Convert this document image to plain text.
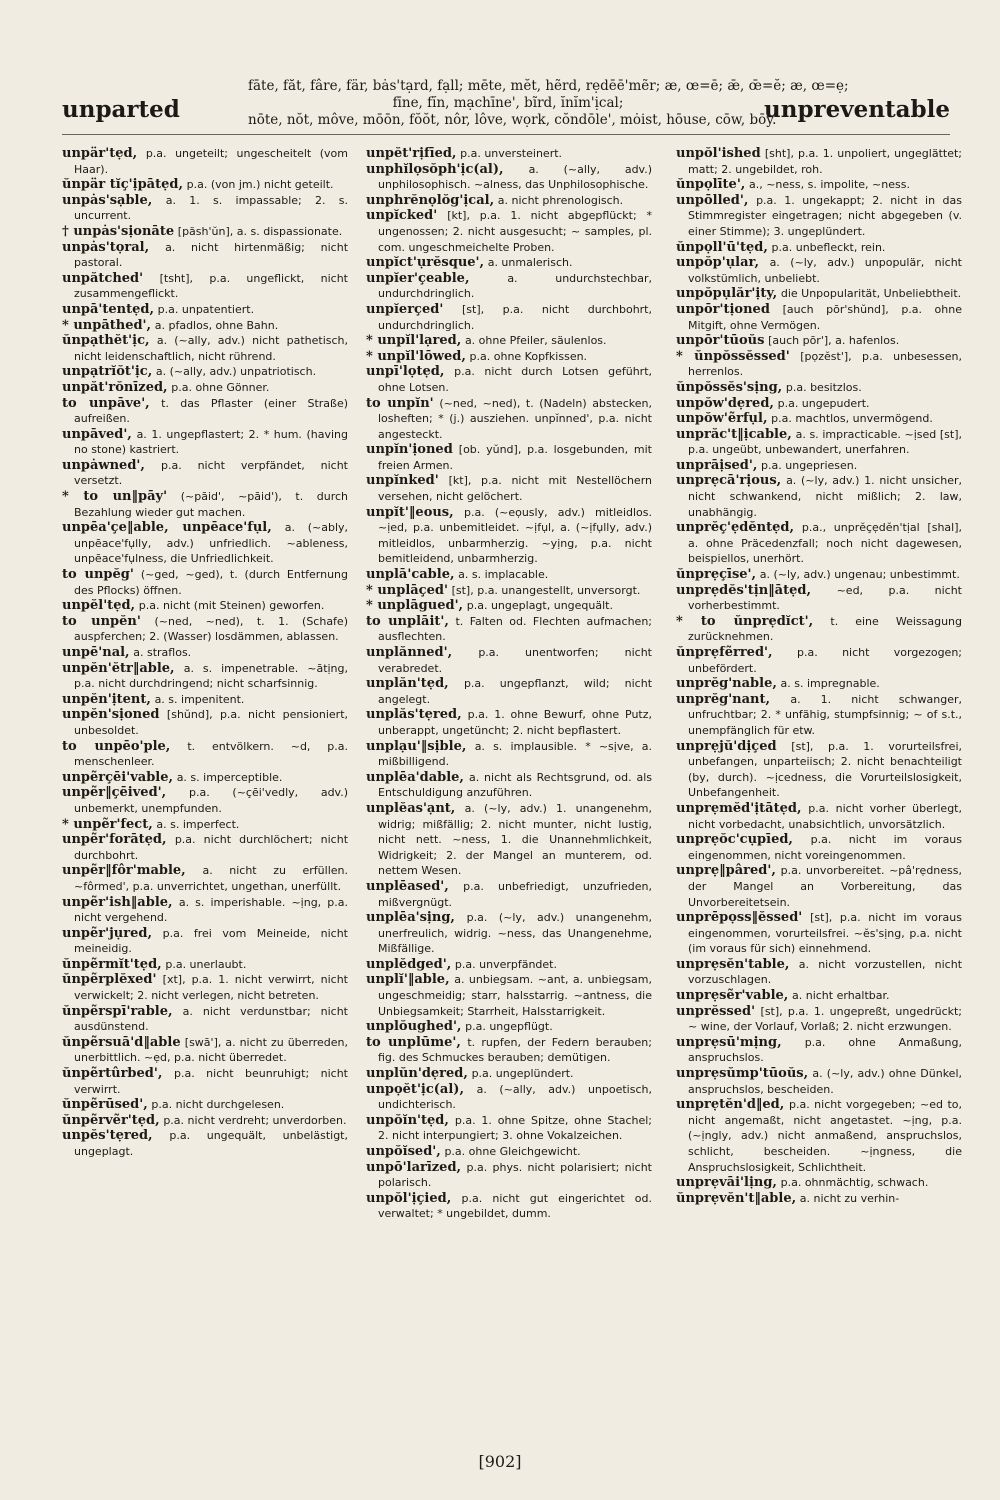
unparted	unpreventable
fāte, făt, fâre, fär, bȧs'tạrd, fạll; mēte, mĕt, hẽrd, rẹdēē'mẽr; æ, œ=ē; ǣ, œ̄=ĕ; æ, œ=ẹ;
fīne, fĭn, mạchīne', bĩrd, ĭnĭm'ịcal;
nōte, nŏt, môve, mōōn, fŏŏt, nôr, lôve, wọrk, cŏndōle', mȯist, hōuse, cōw, bōy.

unpär'tẹd, p.a. ungeteilt; ungescheitelt (vom Haar).

ŭnpär tĭç'ịpātẹd, p.a. (von jm.) nicht geteilt.

unpȧs'sạble, a. 1. s. impassable; 2. s. uncurrent.

† unpȧs'sịonāte [păsh'ŭn], a. s. dispassionate.

unpȧs'tọral, a. nicht hirtenmäßig; nicht pastoral.

unpătched' [tsht], p.a. ungeflickt, nicht zusammengeflickt.

unpā'tentẹd, p.a. unpatentiert.

* unpāthed', a. pfadlos, ohne Bahn.

ŭnpạthĕt'ịc, a. (~ally, adv.) nicht pathetisch, nicht leidenschaftlich, nicht rührend.

unpạtrĭŏt'ịc, a. (~ally, adv.) unpatriotisch.

unpăt'rŏnīzed, p.a. ohne Gönner.

to unpāve', t. das Pflaster (einer Straße) aufreißen.

unpāved', a. 1. ungepflastert; 2. * hum. (having no stone) kastriert.

unpȧwned', p.a. nicht verpfändet, nicht versetzt.

* to un‖pāy' (~pāid', ~pāid'), t. durch Bezahlung wieder gut machen.

unpēa'çe‖able, unpēace'fụl, a. (~ably, unpēace'fụlly, adv.) unfriedlich. ~ableness, unpēace'fụlness, die Unfriedlichkeit.

to unpĕg' (~ged, ~ged), t. (durch Entfernung des Pflocks) öffnen.

unpĕl'tẹd, p.a. nicht (mit Steinen) geworfen.

to unpĕn' (~ned, ~ned), t. 1. (Schafe) auspferchen; 2. (Wasser) losdämmen, ablassen.

unpē'nal, a. straflos.

unpĕn'ĕtr‖able, a. s. impenetrable. ~ātịng, p.a. nicht durchdringend; nicht scharfsinnig.

unpĕn'ịtent, a. s. impenitent.

unpĕn'sịoned [shŭnd], p.a. nicht pensioniert, unbesoldet.

to unpēo'ple, t. entvölkern. ~d, p.a. menschenleer.

unpẽrçēi'vable, a. s. imperceptible.

unpẽr‖çēived', p.a. (~çēi'vedly, adv.) unbemerkt, unempfunden.

* unpẽr'fect, a. s. imperfect.

unpẽr'forātẹd, p.a. nicht durchlöchert; nicht durchbohrt.

unpẽr‖fôr'mable, a. nicht zu erfüllen. ~fôrmed', p.a. unverrichtet, ungethan, unerfüllt.

unpẽr'ish‖able, a. s. imperishable. ~ịng, p.a. nicht vergehend.

unpẽr'jụred, p.a. frei vom Meineide, nicht meineidig.

ŭnpẽrmĭt'tẹd, p.a. unerlaubt.

ŭnpẽrplĕxed' [xt], p.a. 1. nicht verwirrt, nicht verwickelt; 2. nicht verlegen, nicht betreten.

ŭnpẽrspī'rable, a. nicht verdunstbar; nicht ausdünstend.

ŭnpẽrsuā'd‖able [swā'], a. nicht zu überreden, unerbittlich. ~ẹd, p.a. nicht überredet.

ŭnpẽrtûrbed', p.a. nicht beunruhigt; nicht verwirrt.

ŭnpẽrūsed', p.a. nicht durchgelesen.

ŭnpẽrvẽr'tẹd, p.a. nicht verdreht; unverdorben.

unpĕs'tẹred, p.a. ungequält, unbelästigt, ungeplagt.

unpĕt'rịfīed, p.a. unversteinert.

unphĭlọsŏph'ịc(al), a. (~ally, adv.) unphilosophisch. ~alness, das Unphilosophische.

unphrĕnọlŏg'ịcal, a. nicht phrenologisch.

unpĭcked' [kt], p.a. 1. nicht abgepflückt; * ungenossen; 2. nicht ausgesucht; ~ samples, pl. com. ungeschmeichelte Proben.

unpĭct'ụrĕsque', a. unmalerisch.

unpĭer'çeable,	a. undurchstechbar, undurchdringlich.

unpĭerçed' [st], p.a. nicht durchbohrt, undurchdringlich.

* unpĭl'lạred, a. ohne Pfeiler, säulenlos.

* unpĭl'lōwed, p.a. ohne Kopfkissen.

unpī'lọtẹd, p.a. nicht durch Lotsen geführt, ohne Lotsen.

to unpĭn' (~ned, ~ned), t. (Nadeln) abstecken, losheften; * (j.) ausziehen. unpĭnned', p.a. nicht angesteckt.

unpĭn'ịoned [ob. yŭnd], p.a. losgebunden, mit freien Armen.

unpĭnked' [kt], p.a. nicht mit Nestellöchern versehen, nicht gelöchert.

unpĭt'‖eous, p.a. (~eọusly, adv.) mitleidlos. ~ịed, p.a. unbemitleidet. ~ịfụl, a. (~ịfụlly, adv.) mitleidlos, unbarmherzig. ~yịng, p.a. nicht bemitleidend, unbarmherzig.

unplā'cable, a. s. implacable.

* unplāçed' [st], p.a. unangestellt, unversorgt.

* unplāgued', p.a. ungeplagt, ungequält.

to unplāit', t. Falten od. Flechten aufmachen; ausflechten.

unplănned', p.a. unentworfen; nicht verabredet.

unplăn'tẹd, p.a. ungepflanzt, wild; nicht angelegt.

unplăs'tẹred, p.a. 1. ohne Bewurf, ohne Putz, unberappt, ungetüncht; 2. nicht bepflastert.

unplạu'‖sịble, a. s. implausible. * ~sịve, a. mißbilligend.

unplēa'dable, a. nicht als Rechtsgrund, od. als Entschuldigung anzuführen.

unplĕas'ạnt, a. (~ly, adv.) 1. unangenehm, widrig; mißfällig; 2. nicht munter, nicht lustig, nicht nett. ~ness, 1. die Unannehmlichkeit, Widrigkeit; 2. der Mangel an munterem, od. nettem Wesen.

unplēased', p.a. unbefriedigt, unzufrieden, mißvergnügt.

unplēa'sịng, p.a. (~ly, adv.) unangenehm, unerfreulich, widrig. ~ness, das Unangenehme, Mißfällige.

unplĕdged', p.a. unverpfändet.

unplĭ'‖able, a. unbiegsam. ~ant, a. unbiegsam, ungeschmeidig; starr, halsstarrig. ~antness, die Unbiegsamkeit; Starrheit, Halsstarrigkeit.

unplŏughed', p.a. ungepflügt.

to unplūme', t. rupfen, der Federn berauben; fig. des Schmuckes berauben; demütigen.

unplŭn'dẹred, p.a. ungeplündert.

unpọĕt'ịc(al), a. (~ally, adv.) unpoetisch, undichterisch.

unpŏĭn'tẹd, p.a. 1. ohne Spitze, ohne Stachel; 2. nicht interpungiert; 3. ohne Vokalzeichen.

unpŏĭsed', p.a. ohne Gleichgewicht.

unpō'larīzed, p.a. phys. nicht polarisiert; nicht polarisch.

unpŏl'ịçied, p.a. nicht gut eingerichtet od. verwaltet; * ungebildet, dumm.

unpŏl'ished [sht], p.a. 1. unpoliert, ungeglättet; matt; 2. ungebildet, roh.

ŭnpọlīte', a., ~ness, s. impolite, ~ness.

unpōlled', p.a. 1. ungekappt; 2. nicht in das Stimmregister eingetragen; nicht abgegeben (v. einer Stimme); 3. ungeplündert.

ŭnpọll'ū'tẹd, p.a. unbefleckt, rein.

unpŏp'ụlar, a. (~ly, adv.) unpopulär, nicht volkstümlich, unbeliebt.

unpŏpụlăr'ịty, die Unpopularität, Unbeliebtheit.

unpōr'tịoned [auch pōr'shŭnd], p.a. ohne Mitgift, ohne Vermögen.

unpōr'tūoŭs [auch pōr'], a. hafenlos.

* ŭnpŏssĕssed' [pọzĕst'], p.a. unbesessen, herrenlos.

ŭnpŏssĕs'sịng, p.a. besitzlos.

unpŏw'dẹred, p.a. ungepudert.

unpŏw'ẽrfụl, p.a. machtlos, unvermögend.

unprăc't‖ịcable, a. s. impracticable. ~ịsed [st], p.a. ungeübt, unbewandert, unerfahren.

unprāịsed', p.a. ungepriesen.

unprẹcā'rịous, a. (~ly, adv.) 1. nicht unsicher, nicht schwankend, nicht mißlich; 2. law, unabhängig.

unprĕç'ẹdĕntẹd, p.a., unprĕçẹdĕn'tịal [shal], a. ohne Präcedenzfall; noch nicht dagewesen, beispiellos, unerhört.

ŭnprẹçīse', a. (~ly, adv.) ungenau; unbestimmt.

unprẹdĕs'tịn‖ātẹd, ~ed, p.a. nicht vorherbestimmt.

* to ŭnprẹdĭct', t. eine Weissagung zurücknehmen.

ŭnprẹfẽrred', p.a. nicht vorgezogen; unbefördert.

unprĕg'nable, a. s. impregnable.

unprĕg'nant, a. 1. nicht schwanger, unfruchtbar; 2. * unfähig, stumpfsinnig; ~ of s.t., unempfänglich für etw.

unprẹjŭ'dịçed [st], p.a. 1. vorurteilsfrei, unbefangen, unparteiisch; 2. nicht benachteiligt (by, durch). ~ịcedness, die Vorurteilslosigkeit, Unbefangenheit.

unprẹmĕd'ịtātẹd, p.a. nicht vorher überlegt, nicht vorbedacht, unabsichtlich, unvorsätzlich.

unprẹŏc'cụpīed, p.a. nicht im voraus eingenommen, nicht voreingenommen.

unprẹ‖pâred', p.a. unvorbereitet. ~pâ'rẹdness, der Mangel an Vorbereitung, das Unvorbereitetsein.

unprēpọss‖ĕssed' [st], p.a. nicht im voraus eingenommen, vorurteilsfrei. ~ĕs'sịng, p.a. nicht (im voraus für sich) einnehmend.

unprẹsĕn'table, a. nicht vorzustellen, nicht vorzuschlagen.

unprẹsẽr'vable, a. nicht erhaltbar.

unprĕssed' [st], p.a. 1. ungepreßt, ungedrückt; ~ wine, der Vorlauf, Vorlaß; 2. nicht erzwungen.

unprẹsū'mịng, p.a. ohne Anmaßung, anspruchslos.

unprẹsŭmp'tūoŭs, a. (~ly, adv.) ohne Dünkel, anspruchslos, bescheiden.

unprẹtĕn'd‖ed, p.a. nicht vorgegeben; ~ed to, nicht angemaßt, nicht angetastet. ~ịng, p.a. (~ịngly, adv.) nicht anmaßend, anspruchslos, schlicht, bescheiden. ~ịngness, die Anspruchslosigkeit, Schlichtheit.

unprẹvāi'lịng, p.a. ohnmächtig, schwach.

ŭnprẹvĕn't‖able, a. nicht zu verhin-

[902]
